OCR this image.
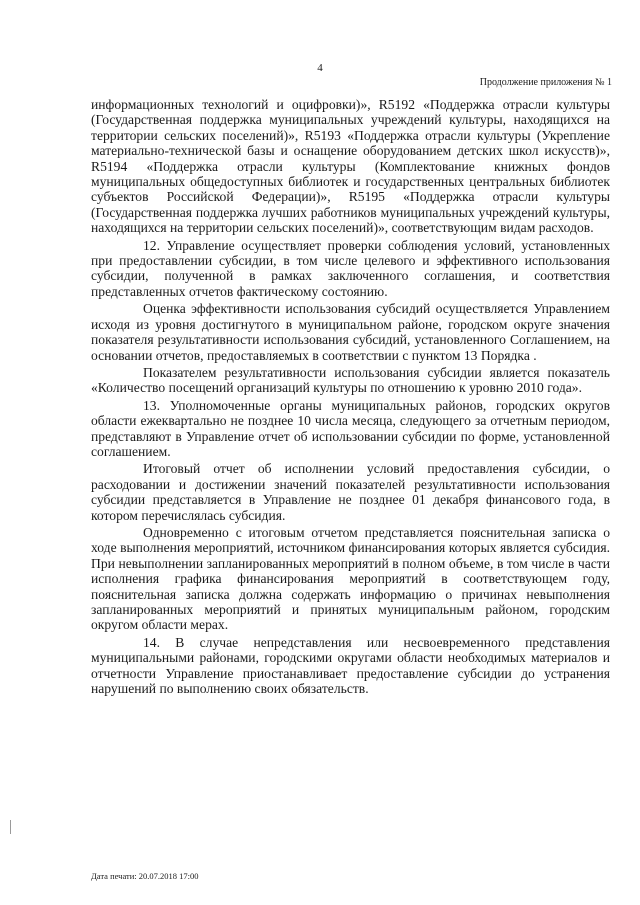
4
Продолжение приложения № 1

информационных технологий и оцифровки)», R5192 «Поддержка отрасли культуры (Государственная поддержка муниципальных учреждений культуры, находящихся на территории сельских поселений)», R5193 «Поддержка отрасли культуры (Укрепление материально-технической базы и оснащение оборудованием детских школ искусств)», R5194 «Поддержка отрасли культуры (Комплектование книжных фондов муниципальных общедоступных библиотек и государственных центральных библиотек субъектов Российской Федерации)», R5195 «Поддержка отрасли культуры (Государственная поддержка лучших работников муниципальных учреждений культуры, находящихся на территории сельских поселений)», соответствующим видам расходов.

12. Управление осуществляет проверки соблюдения условий, установленных при предоставлении субсидии, в том числе целевого и эффективного использования субсидии, полученной в рамках заключенного соглашения, и соответствия представленных отчетов фактическому состоянию.

Оценка эффективности использования субсидий осуществляется Управлением исходя из уровня достигнутого в муниципальном районе, городском округе значения показателя результативности использования субсидий, установленного Соглашением, на основании отчетов, предоставляемых в соответствии с пунктом 13 Порядка .

Показателем результативности использования субсидии является показатель «Количество посещений организаций культуры по отношению к уровню 2010 года».

13. Уполномоченные органы муниципальных районов, городских округов области ежеквартально не позднее 10 числа месяца, следующего за отчетным периодом, представляют в Управление отчет об использовании субсидии по форме, установленной соглашением.

Итоговый отчет об исполнении условий предоставления субсидии, о расходовании и достижении значений показателей результативности использования субсидии представляется в Управление не позднее 01 декабря финансового года, в котором перечислялась субсидия.

Одновременно с итоговым отчетом представляется пояснительная записка о ходе выполнения мероприятий, источником финансирования которых является субсидия. При невыполнении запланированных мероприятий в полном объеме, в том числе в части исполнения графика финансирования мероприятий в соответствующем году, пояснительная записка должна содержать информацию о причинах невыполнения запланированных мероприятий и принятых муниципальным районом, городским округом области мерах.

14. В случае непредставления или несвоевременного представления муниципальными районами, городскими округами области необходимых материалов и отчетности Управление приостанавливает предоставление субсидии до устранения нарушений по выполнению своих обязательств.

Дата печати: 20.07.2018 17:00
